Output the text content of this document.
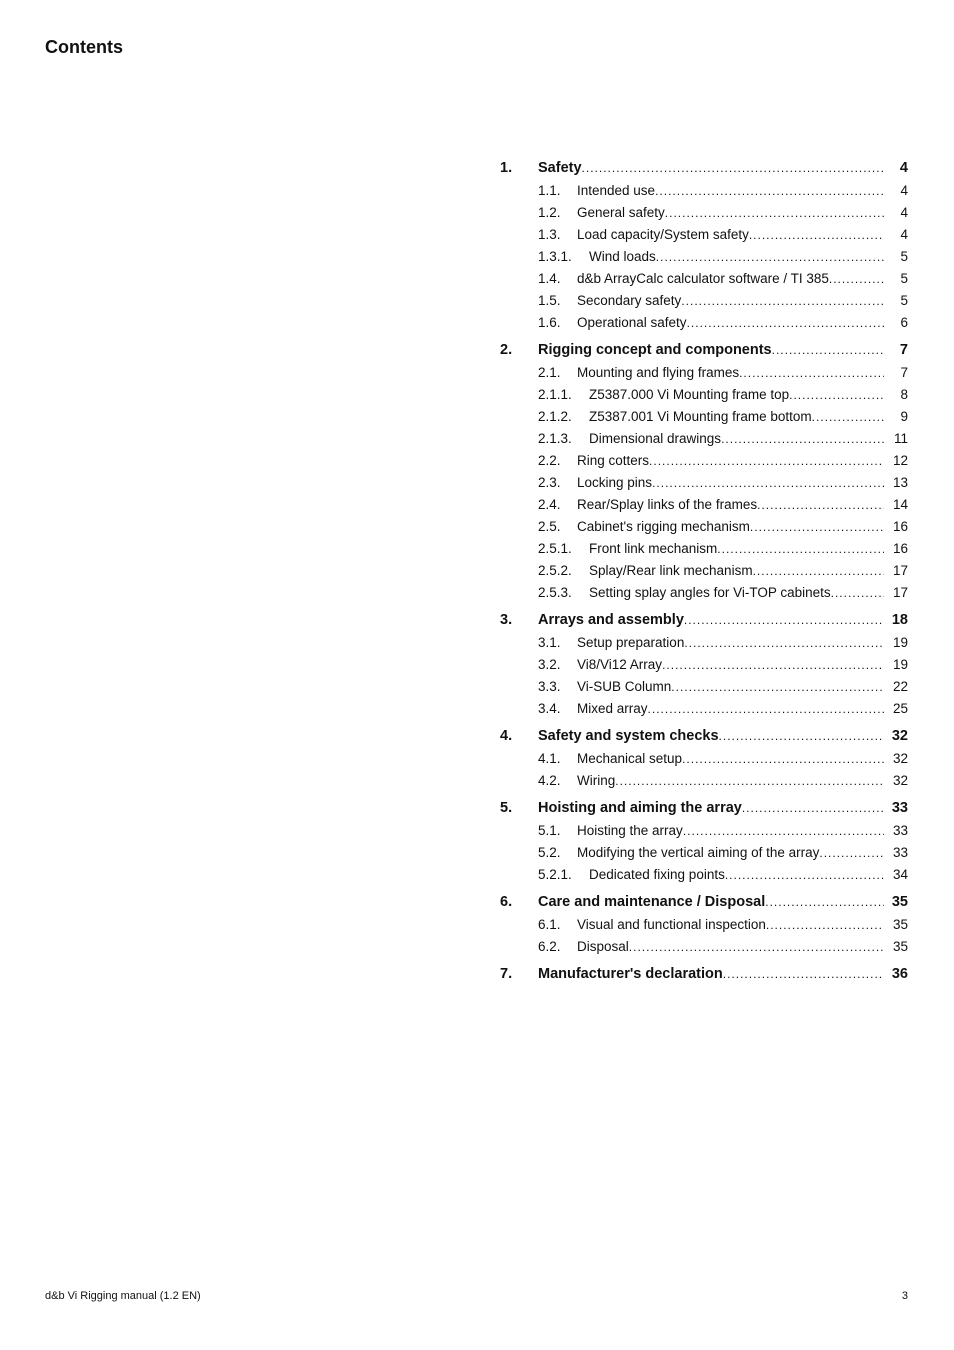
Contents
1.	Safety .....	4
1.1.	Intended use .....	4
1.2.	General safety .....	4
1.3.	Load capacity/System safety .....	4
1.3.1.	Wind loads .....	5
1.4.	d&b ArrayCalc calculator software / TI 385 .....	5
1.5.	Secondary safety .....	5
1.6.	Operational safety .....	6
2.	Rigging concept and components .....	7
2.1.	Mounting and flying frames .....	7
2.1.1.	Z5387.000 Vi Mounting frame top .....	8
2.1.2.	Z5387.001 Vi Mounting frame bottom .....	9
2.1.3.	Dimensional drawings .....	11
2.2.	Ring cotters .....	12
2.3.	Locking pins .....	13
2.4.	Rear/Splay links of the frames .....	14
2.5.	Cabinet's rigging mechanism .....	16
2.5.1.	Front link mechanism .....	16
2.5.2.	Splay/Rear link mechanism .....	17
2.5.3.	Setting splay angles for Vi-TOP cabinets .....	17
3.	Arrays and assembly .....	18
3.1.	Setup preparation .....	19
3.2.	Vi8/Vi12 Array .....	19
3.3.	Vi-SUB Column .....	22
3.4.	Mixed array .....	25
4.	Safety and system checks .....	32
4.1.	Mechanical setup .....	32
4.2.	Wiring .....	32
5.	Hoisting and aiming the array .....	33
5.1.	Hoisting the array .....	33
5.2.	Modifying the vertical aiming of the array .....	33
5.2.1.	Dedicated fixing points .....	34
6.	Care and maintenance / Disposal .....	35
6.1.	Visual and functional inspection .....	35
6.2.	Disposal .....	35
7.	Manufacturer's declaration .....	36
d&b Vi Rigging manual (1.2 EN)	3
